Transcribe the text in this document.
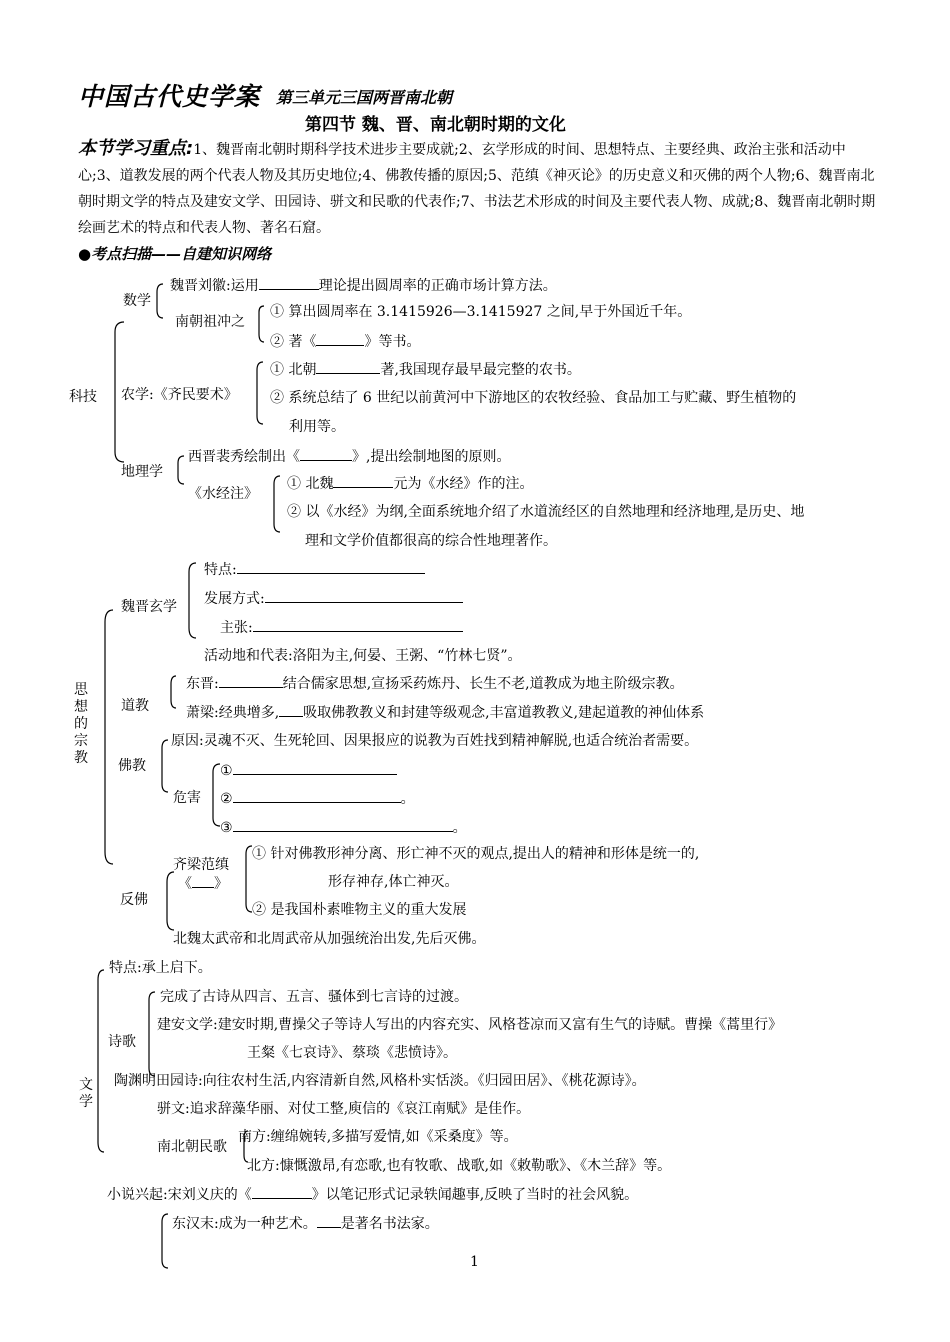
中国古代史学案 第三单元三国两晋南北朝
第四节 魏、晋、南北朝时期的文化
本节学习重点:1、魏晋南北朝时期科学技术进步主要成就;2、玄学形成的时间、思想特点、主要经典、政治主张和活动中心;3、道教发展的两个代表人物及其历史地位;4、佛教传播的原因;5、范缜《神灭论》的历史意义和灭佛的两个人物;6、魏晋南北朝时期文学的特点及建安文学、田园诗、骈文和民歌的代表作;7、书法艺术形成的时间及主要代表人物、成就;8、魏晋南北朝时期绘画艺术的特点和代表人物、著名石窟。
●考点扫描——自建知识网络
科技
数学
魏晋刘徽:运用	理论提出圆周率的正确市场计算方法。
南朝祖冲之
① 算出圆周率在 3.1415926—3.1415927 之间,早于外国近千年。
② 著《	》等书。
农学:《齐民要术》
① 北朝	著,我国现存最早最完整的农书。
② 系统总结了 6 世纪以前黄河中下游地区的农牧经验、食品加工与贮藏、野生植物的
利用等。
地理学
西晋裴秀绘制出《	》,提出绘制地图的原则。
《水经注》
① 北魏	元为《水经》作的注。
② 以《水经》为纲,全面系统地介绍了水道流经区的自然地理和经济地理,是历史、地
理和文学价值都很高的综合性地理著作。
思想的宗教
魏晋玄学
特点:
发展方式:
主张:
活动地和代表:洛阳为主,何晏、王粥、“竹林七贤”。
道教
东晋:	结合儒家思想,宣扬采药炼丹、长生不老,道教成为地主阶级宗教。
萧梁:经典增多, 吸取佛教教义和封建等级观念,丰富道教教义,建起道教的神仙体系
佛教
原因:灵魂不灭、生死轮回、因果报应的说教为百姓找到精神解脱,也适合统治者需要。
危害
①
②	。
③	。
反佛
齐梁范缜
《 》
① 针对佛教形神分离、形亡神不灭的观点,提出人的精神和形体是统一的,
形存神存,体亡神灭。
② 是我国朴素唯物主义的重大发展
北魏太武帝和北周武帝从加强统治出发,先后灭佛。
文学
特点:承上启下。
诗歌
完成了古诗从四言、五言、骚体到七言诗的过渡。
建安文学:建安时期,曹操父子等诗人写出的内容充实、风格苍凉而又富有生气的诗赋。曹操《蒿里行》
王粲《七哀诗》、蔡琰《悲愤诗》。
陶渊明田园诗:向往农村生活,内容清新自然,风格朴实恬淡。《归园田居》、《桃花源诗》。
骈文:追求辞藻华丽、对仗工整,庾信的《哀江南赋》是佳作。
南北朝民歌
南方:缠绵婉转,多描写爱情,如《采桑度》等。
北方:慷慨激昂,有恋歌,也有牧歌、战歌,如《敕勒歌》、《木兰辞》等。
小说兴起:宋刘义庆的《	》以笔记形式记录轶闻趣事,反映了当时的社会风貌。
东汉末:成为一种艺术。 是著名书法家。
1
